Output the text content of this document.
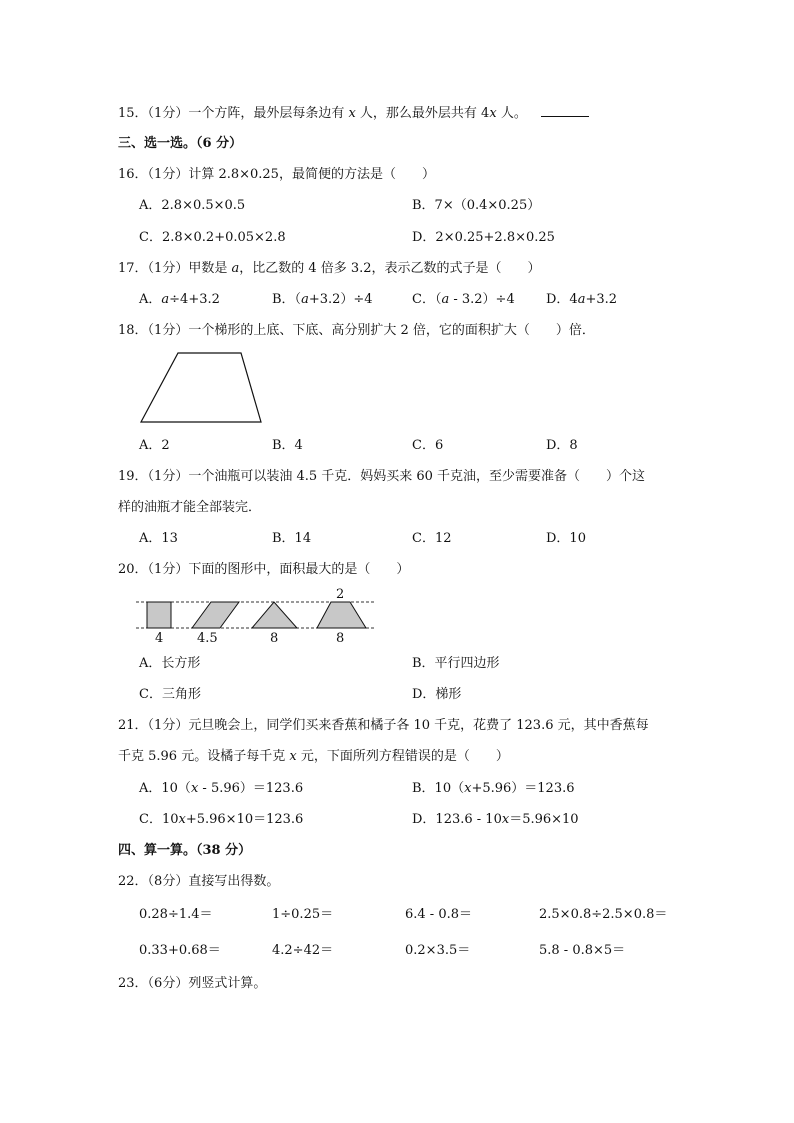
15．（1分）一个方阵，最外层每条边有 x 人，那么最外层共有 4x 人。
三、选一选。（6 分）
16．（1分）计算 2.8×0.25，最简便的方法是（　　）
A．2.8×0.5×0.5	B．7×（0.4×0.25）
C．2.8×0.2+0.05×2.8	D．2×0.25+2.8×0.25
17．（1分）甲数是 a，比乙数的 4 倍多 3.2，表示乙数的式子是（　　）
A．a÷4+3.2	B．（a+3.2）÷4	C．（a - 3.2）÷4 D．4a+3.2
18．（1分）一个梯形的上底、下底、高分别扩大 2 倍，它的面积扩大（　　）倍．
A．2	B．4	C．6	D．8
19．（1分）一个油瓶可以装油 4.5 千克．妈妈买来 60 千克油，至少需要准备（　　）个这
样的油瓶才能全部装完．
A．13	B．14	C．12	D．10
20．（1分）下面的图形中，面积最大的是（　　）
4	4.5	8
2
8
A．长方形	B．平行四边形
C．三角形	D．梯形
21．（1分）元旦晚会上，同学们买来香蕉和橘子各 10 千克，花费了 123.6 元，其中香蕉每
千克 5.96 元。设橘子每千克 x 元，下面所列方程错误的是（　　）
A．10（x - 5.96）＝123.6	B．10（x+5.96）＝123.6
C．10x+5.96×10＝123.6	D．123.6 - 10x＝5.96×10
四、算一算。（38 分）
22．（8分）直接写出得数。
0.28÷1.4＝	1÷0.25＝	6.4 - 0.8＝	2.5×0.8÷2.5×0.8＝
0.33+0.68＝	4.2÷42＝	0.2×3.5＝	5.8 - 0.8×5＝
23．（6分）列竖式计算。
